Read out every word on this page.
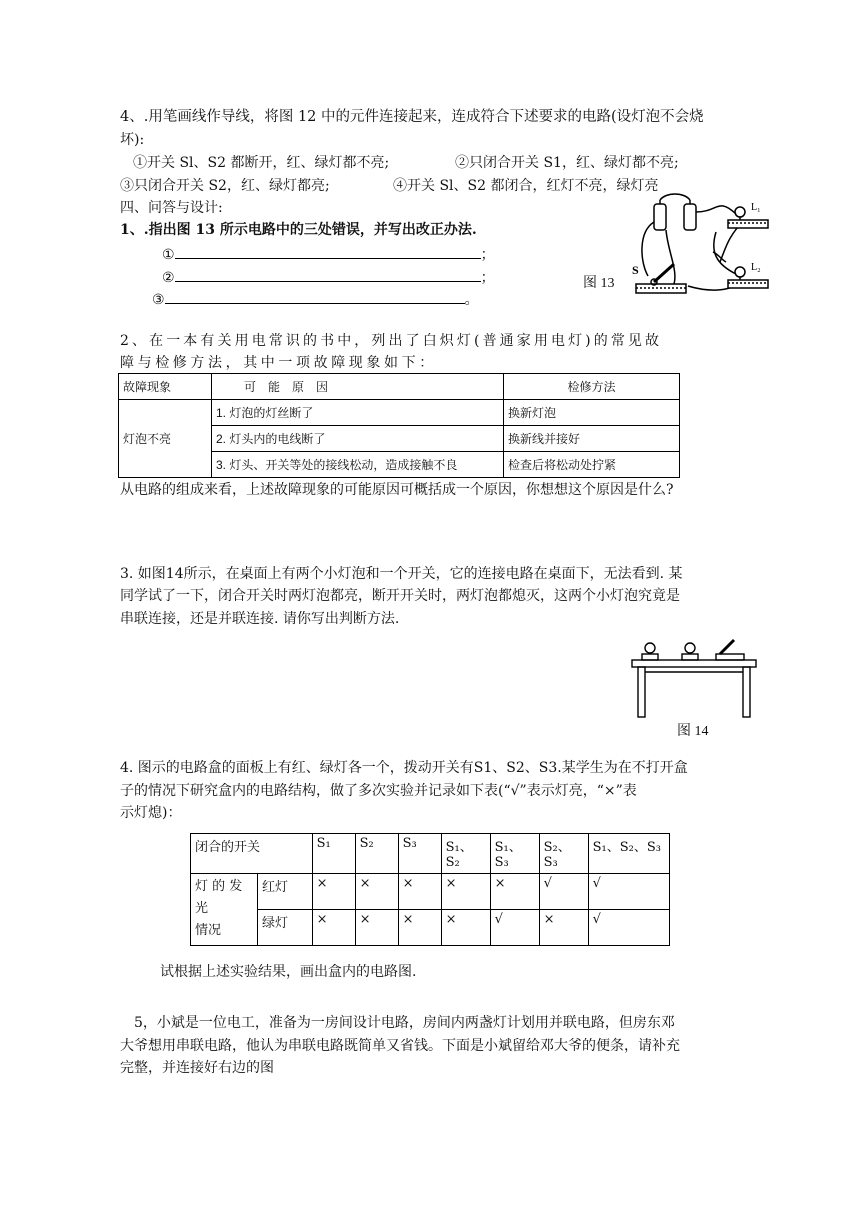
4、.用笔画线作导线，将图 12 中的元件连接起来，连成符合下述要求的电路(设灯泡不会烧
坏):
①开关 Sl、S2 都断开，红、绿灯都不亮;	②只闭合开关 S1，红、绿灯都不亮;
③只闭合开关 S2，红、绿灯都亮;	④开关 Sl、S2 都闭合，红灯不亮，绿灯亮
四、问答与设计:
1、.指出图 13 所示电路中的三处错误，并写出改正办法.
①	；
②	；
③	。
图 13
L₁
L₂
S
2、在一本有关用电常识的书中，列出了白炽灯(普通家用电灯)的常见故
障与检修方法，其中一项故障现象如下：
故障现象	可　能　原　因	检修方法
灯泡不亮	1. 灯泡的灯丝断了	换新灯泡
	2. 灯头内的电线断了	换新线并接好
	3. 灯头、开关等处的接线松动，造成接触不良	检查后将松动处拧紧
从电路的组成来看，上述故障现象的可能原因可概括成一个原因，你想想这个原因是什么?
3. 如图14所示，在桌面上有两个小灯泡和一个开关，它的连接电路在桌面下，无法看到. 某
同学试了一下，闭合开关时两灯泡都亮，断开开关时，两灯泡都熄灭，这两个小灯泡究竟是
串联连接，还是并联连接. 请你写出判断方法.
图 14
4. 图示的电路盒的面板上有红、绿灯各一个，拨动开关有S1、S2、S3.某学生为在不打开盒
子的情况下研究盒内的电路结构，做了多次实验并记录如下表(“√”表示灯亮，“×”表
示灯熄)：
闭合的开关		S₁	S₂	S₃	S₁、S₂	S₁、S₃	S₂、S₃	S₁、S₂、S₃
灯 的 发
光
情况	红灯	×	×	×	×	×	√	√
	绿灯	×	×	×	×	√	×	√
试根据上述实验结果，画出盒内的电路图.
5，小斌是一位电工，准备为一房间设计电路，房间内两盏灯计划用并联电路，但房东邓
大爷想用串联电路，他认为串联电路既简单又省钱。下面是小斌留给邓大爷的便条，请补充
完整，并连接好右边的图
